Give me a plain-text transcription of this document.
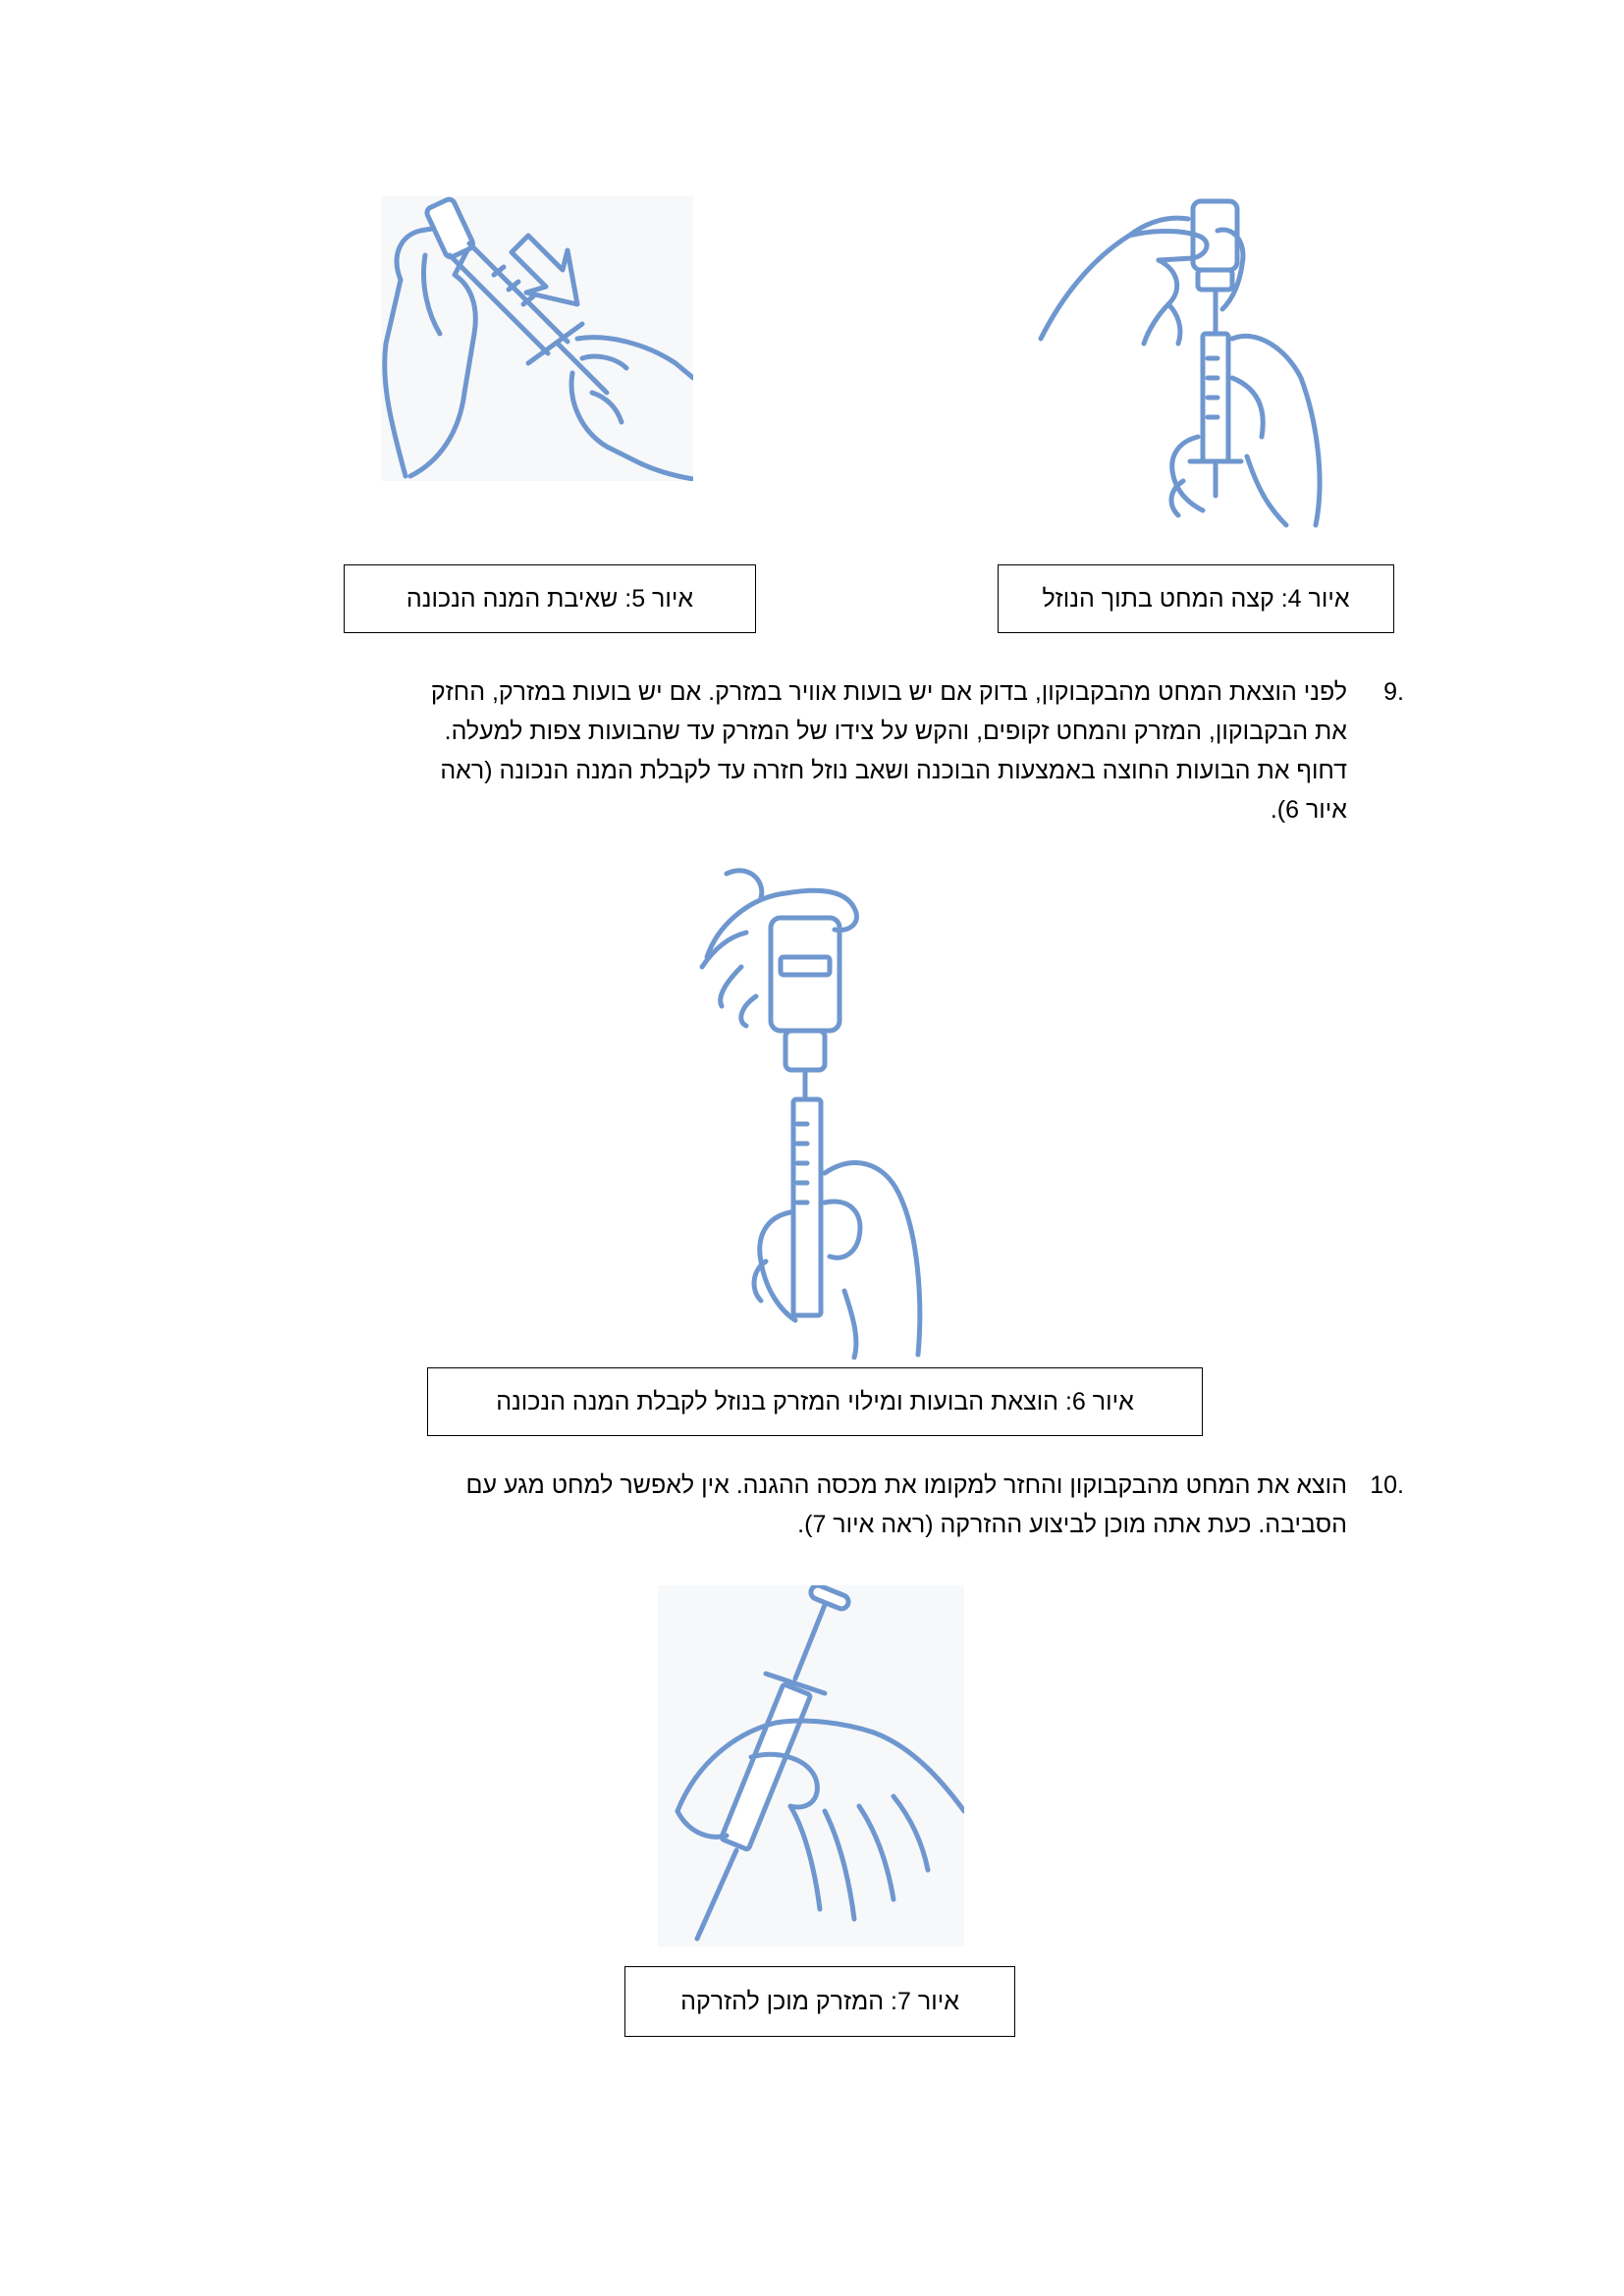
איור 5: שאיבת המנה הנכונה	איור 4: קצה המחט בתוך הנוזל
.9
לפני הוצאת המחט מהבקבוקון, בדוק אם יש בועות אוויר במזרק. אם יש בועות במזרק, החזק
את הבקבוקון, המזרק והמחט זקופים, והקש על צידו של המזרק עד שהבועות צפות למעלה.
דחוף את הבועות החוצה באמצעות הבוכנה ושאב נוזל חזרה עד לקבלת המנה הנכונה (ראה
איור 6).
איור 6: הוצאת הבועות ומילוי המזרק בנוזל לקבלת המנה הנכונה
.10
הוצא את המחט מהבקבוקון והחזר למקומו את מכסה ההגנה. אין לאפשר למחט מגע עם
הסביבה. כעת אתה מוכן לביצוע ההזרקה (ראה איור 7).
איור 7: המזרק מוכן להזרקה
